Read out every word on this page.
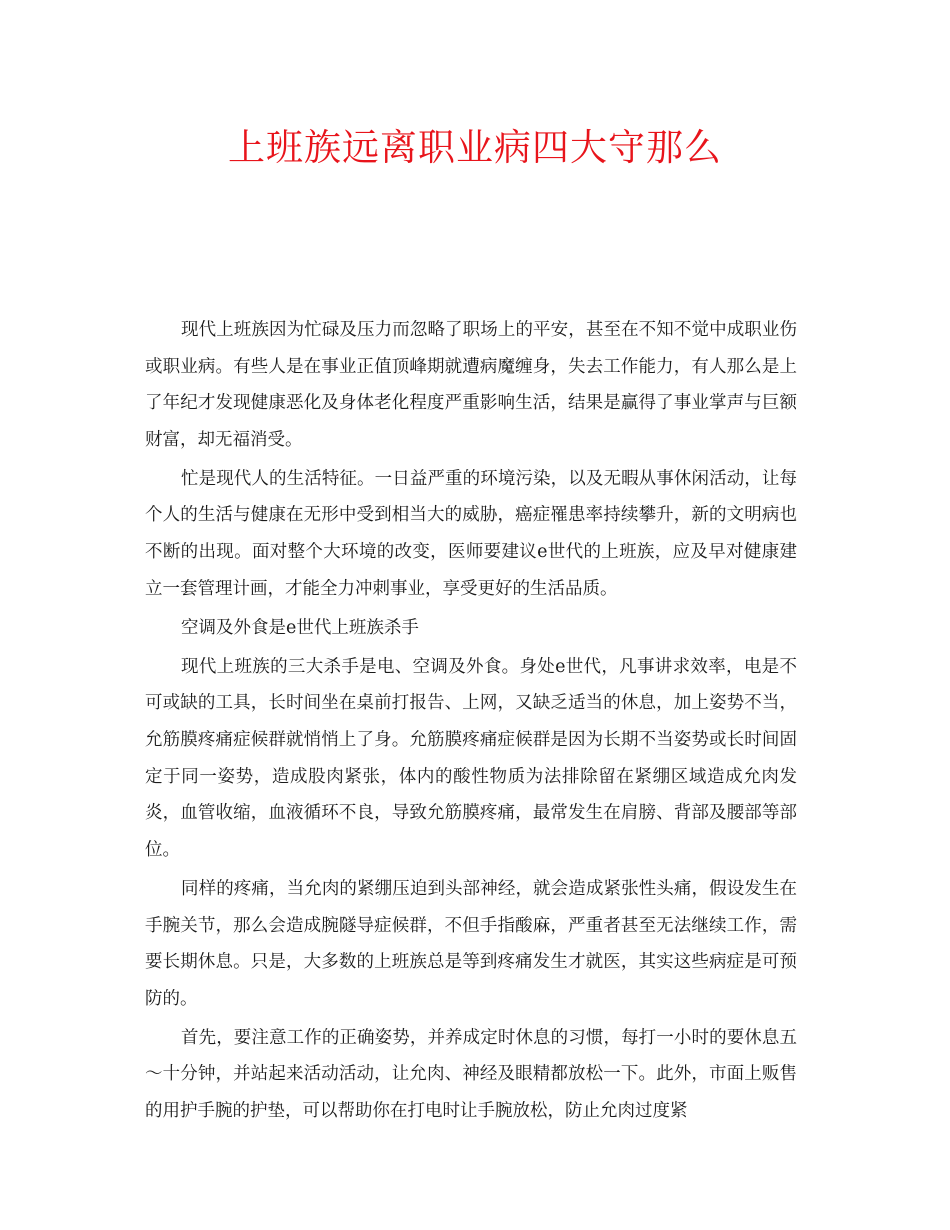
上班族远离职业病四大守那么

现代上班族因为忙碌及压力而忽略了职场上的平安，甚至在不知不觉中成职业伤或职业病。有些人是在事业正值顶峰期就遭病魔缠身，失去工作能力，有人那么是上了年纪才发现健康恶化及身体老化程度严重影响生活，结果是赢得了事业掌声与巨额财富，却无福消受。

忙是现代人的生活特征。一日益严重的环境污染，以及无暇从事休闲活动，让每个人的生活与健康在无形中受到相当大的威胁，癌症罹患率持续攀升，新的文明病也不断的出现。面对整个大环境的改变，医师要建议e世代的上班族，应及早对健康建立一套管理计画，才能全力冲刺事业，享受更好的生活品质。

空调及外食是e世代上班族杀手

现代上班族的三大杀手是电、空调及外食。身处e世代，凡事讲求效率，电是不可或缺的工具，长时间坐在桌前打报告、上网，又缺乏适当的休息，加上姿势不当，允筋膜疼痛症候群就悄悄上了身。允筋膜疼痛症候群是因为长期不当姿势或长时间固定于同一姿势，造成股肉紧张，体内的酸性物质为法排除留在紧绷区域造成允肉发炎，血管收缩，血液循环不良，导致允筋膜疼痛，最常发生在肩膀、背部及腰部等部位。

同样的疼痛，当允肉的紧绷压迫到头部神经，就会造成紧张性头痛，假设发生在手腕关节，那么会造成腕隧导症候群，不但手指酸麻，严重者甚至无法继续工作，需要长期休息。只是，大多数的上班族总是等到疼痛发生才就医，其实这些病症是可预防的。

首先，要注意工作的正确姿势，并养成定时休息的习惯，每打一小时的要休息五～十分钟，并站起来活动活动，让允肉、神经及眼精都放松一下。此外，市面上贩售的用护手腕的护垫，可以帮助你在打电时让手腕放松，防止允肉过度紧
